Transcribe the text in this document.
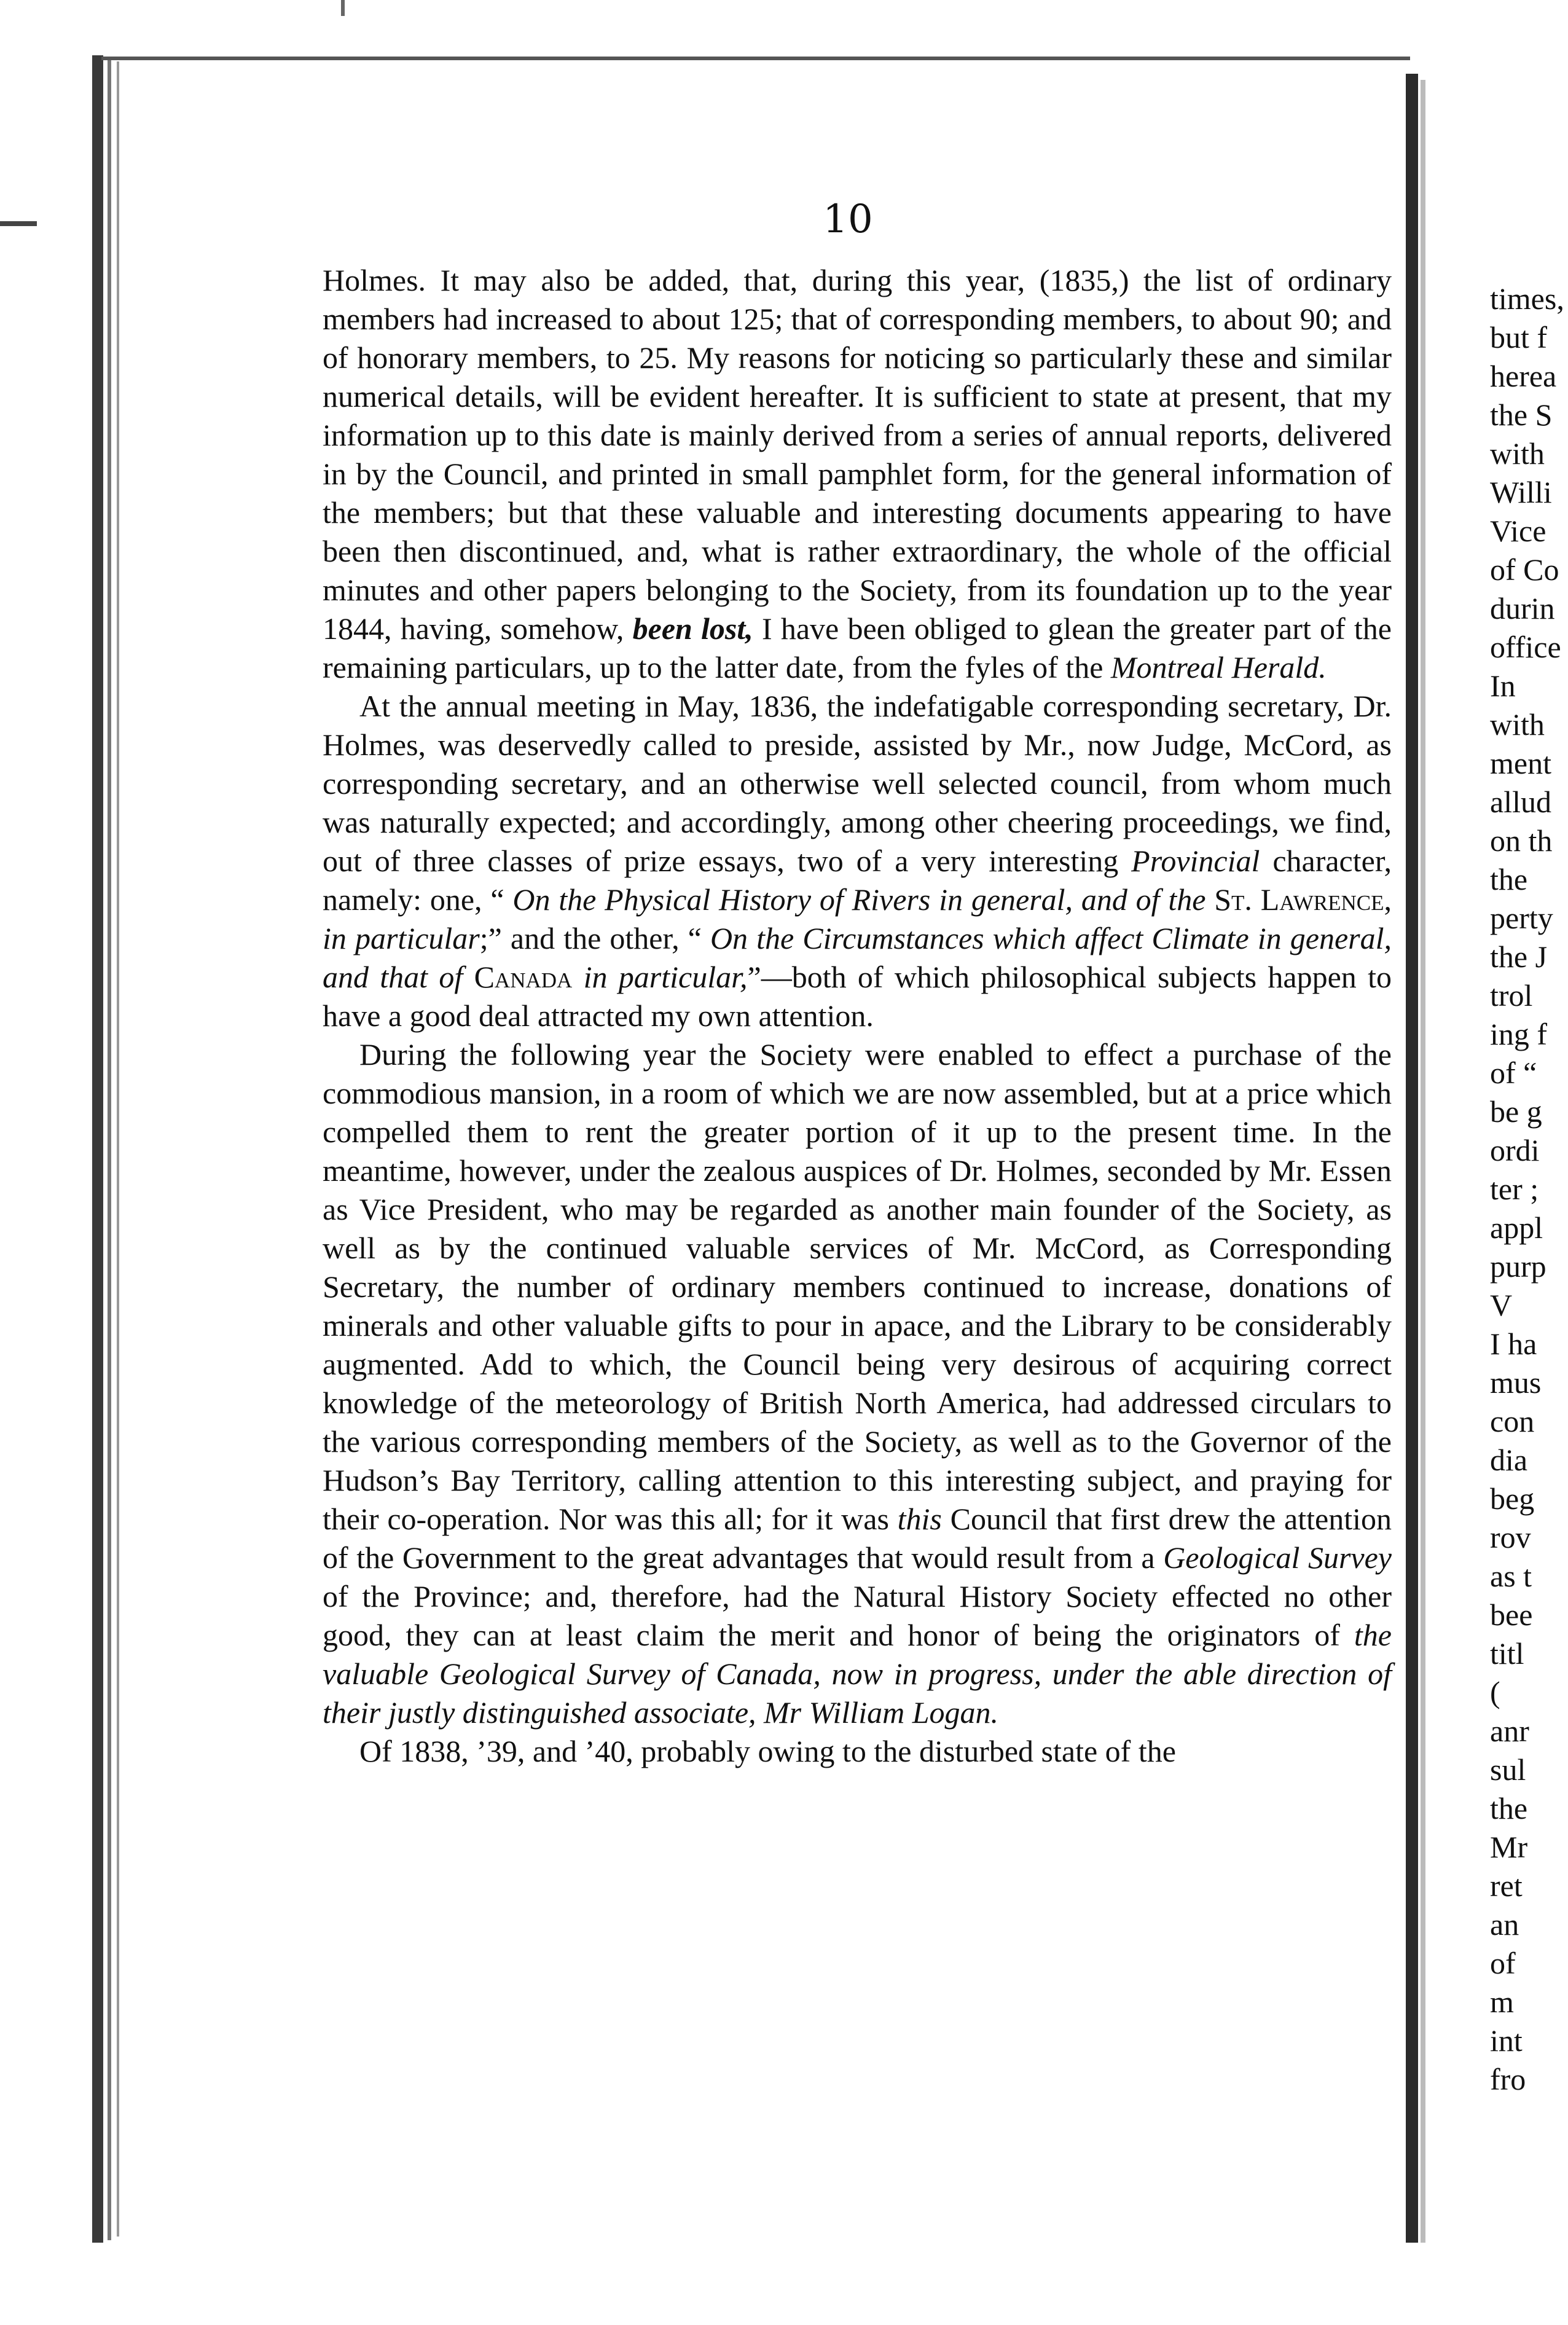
10

Holmes. It may also be added, that, during this year, (1835,) the list of ordinary members had increased to about 125; that of corresponding members, to about 90; and of honorary members, to 25. My reasons for noticing so particularly these and similar numerical details, will be evident hereafter. It is sufficient to state at present, that my information up to this date is mainly derived from a series of annual reports, delivered in by the Council, and printed in small pamphlet form, for the general information of the members; but that these valuable and interesting documents appearing to have been then discontinued, and, what is rather extraordinary, the whole of the official minutes and other papers belonging to the Society, from its foundation up to the year 1844, having, somehow, been lost, I have been obliged to glean the greater part of the remaining particulars, up to the latter date, from the fyles of the Montreal Herald.

At the annual meeting in May, 1836, the indefatigable corresponding secretary, Dr. Holmes, was deservedly called to preside, assisted by Mr., now Judge, McCord, as corresponding secretary, and an otherwise well selected council, from whom much was naturally expected; and accordingly, among other cheering proceedings, we find, out of three classes of prize essays, two of a very interesting Provincial character, namely: one, “ On the Physical History of Rivers in general, and of the St. Lawrence, in particular;” and the other, “ On the Circumstances which affect Climate in general, and that of Canada in particular,”—both of which philosophical subjects happen to have a good deal attracted my own attention.

During the following year the Society were enabled to effect a purchase of the commodious mansion, in a room of which we are now assembled, but at a price which compelled them to rent the greater portion of it up to the present time. In the meantime, however, under the zealous auspices of Dr. Holmes, seconded by Mr. Essen as Vice President, who may be regarded as another main founder of the Society, as well as by the continued valuable services of Mr. McCord, as Corresponding Secretary, the number of ordinary members continued to increase, donations of minerals and other valuable gifts to pour in apace, and the Library to be considerably augmented. Add to which, the Council being very desirous of acquiring correct knowledge of the meteorology of British North America, had addressed circulars to the various corresponding members of the Society, as well as to the Governor of the Hudson’s Bay Territory, calling attention to this interesting subject, and praying for their co-operation. Nor was this all; for it was this Council that first drew the attention of the Government to the great advantages that would result from a Geological Survey of the Province; and, therefore, had the Natural History Society effected no other good, they can at least claim the merit and honor of being the originators of the valuable Geological Survey of Canada, now in progress, under the able direction of their justly distinguished associate, Mr William Logan.

Of 1838, ’39, and ’40, probably owing to the disturbed state of the

times,
but f
herea
the S
with
Willi
Vice
of Co
durin
office
In
with
ment
allud
on th
the
perty
the J
trol
ing f
of “
be g
ordi
ter ;
appl
purp
V
I ha
mus
con
dia
beg
rov
as t
bee
titl
(
anr
sul
the
Mr
ret
an
of
m
int
fro
